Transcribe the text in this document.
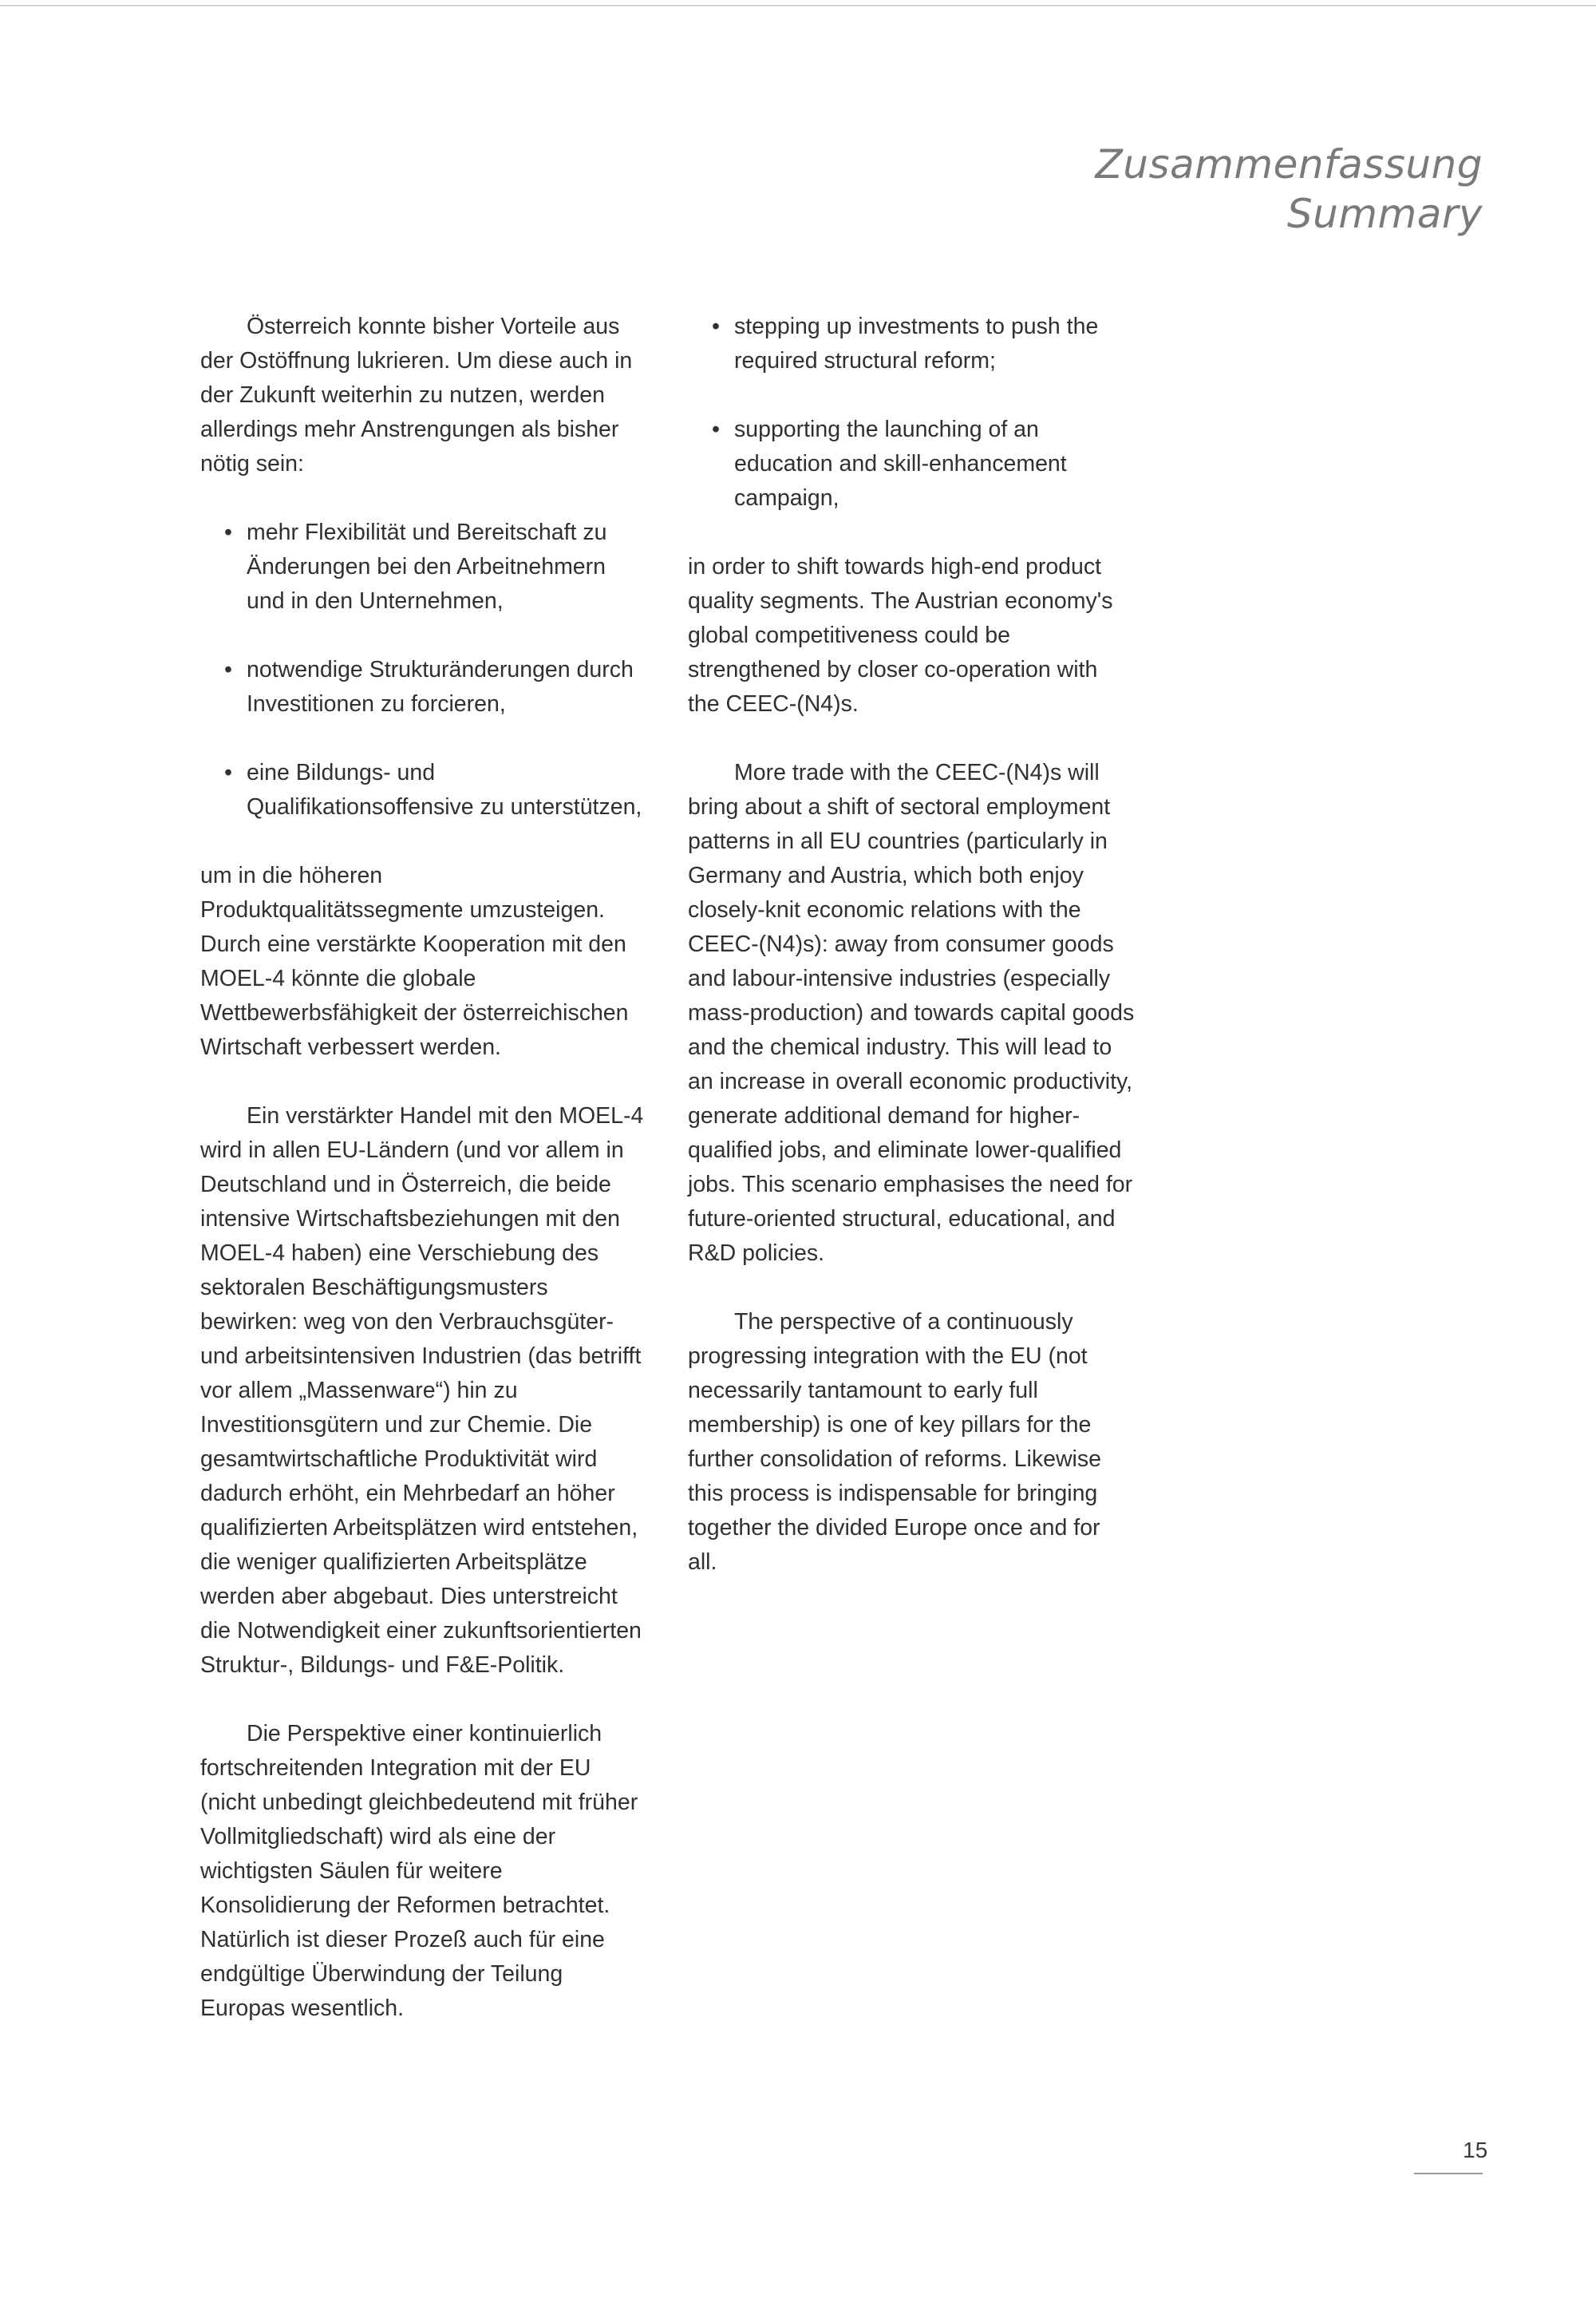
Zusammenfassung
Summary

Österreich konnte bisher Vorteile aus der Ostöffnung lukrieren. Um diese auch in der Zukunft weiterhin zu nutzen, werden allerdings mehr Anstrengungen als bisher nötig sein:

• mehr Flexibilität und Bereitschaft zu Änderungen bei den Arbeitnehmern und in den Unternehmen,
• notwendige Strukturänderungen durch Investitionen zu forcieren,
• eine Bildungs- und Qualifikationsoffensive zu unterstützen,

um in die höheren Produktqualitätssegmente umzusteigen. Durch eine verstärkte Kooperation mit den MOEL-4 könnte die globale Wettbewerbsfähigkeit der österreichischen Wirtschaft verbessert werden.

Ein verstärkter Handel mit den MOEL-4 wird in allen EU-Ländern (und vor allem in Deutschland und in Österreich, die beide intensive Wirtschaftsbeziehungen mit den MOEL-4 haben) eine Verschiebung des sektoralen Beschäftigungsmusters bewirken: weg von den Verbrauchsgüter- und arbeitsintensiven Industrien (das betrifft vor allem „Massenware“) hin zu Investitionsgütern und zur Chemie. Die gesamtwirtschaftliche Produktivität wird dadurch erhöht, ein Mehrbedarf an höher qualifizierten Arbeitsplätzen wird entstehen, die weniger qualifizierten Arbeitsplätze werden aber abgebaut. Dies unterstreicht die Notwendigkeit einer zukunftsorientierten Struktur-, Bildungs- und F&E-Politik.

Die Perspektive einer kontinuierlich fortschreitenden Integration mit der EU (nicht unbedingt gleichbedeutend mit früher Vollmitgliedschaft) wird als eine der wichtigsten Säulen für weitere Konsolidierung der Reformen betrachtet. Natürlich ist dieser Prozeß auch für eine endgültige Überwindung der Teilung Europas wesentlich.

• stepping up investments to push the required structural reform;
• supporting the launching of an education and skill-enhancement campaign,

in order to shift towards high-end product quality segments. The Austrian economy's global competitiveness could be strengthened by closer co-operation with the CEEC-(N4)s.

More trade with the CEEC-(N4)s will bring about a shift of sectoral employment patterns in all EU countries (particularly in Germany and Austria, which both enjoy closely-knit economic relations with the CEEC-(N4)s): away from consumer goods and labour-intensive industries (especially mass-production) and towards capital goods and the chemical industry. This will lead to an increase in overall economic productivity, generate additional demand for higher-qualified jobs, and eliminate lower-qualified jobs. This scenario emphasises the need for future-oriented structural, educational, and R&D policies.

The perspective of a continuously progressing integration with the EU (not necessarily tantamount to early full membership) is one of key pillars for the further consolidation of reforms. Likewise this process is indispensable for bringing together the divided Europe once and for all.

15
